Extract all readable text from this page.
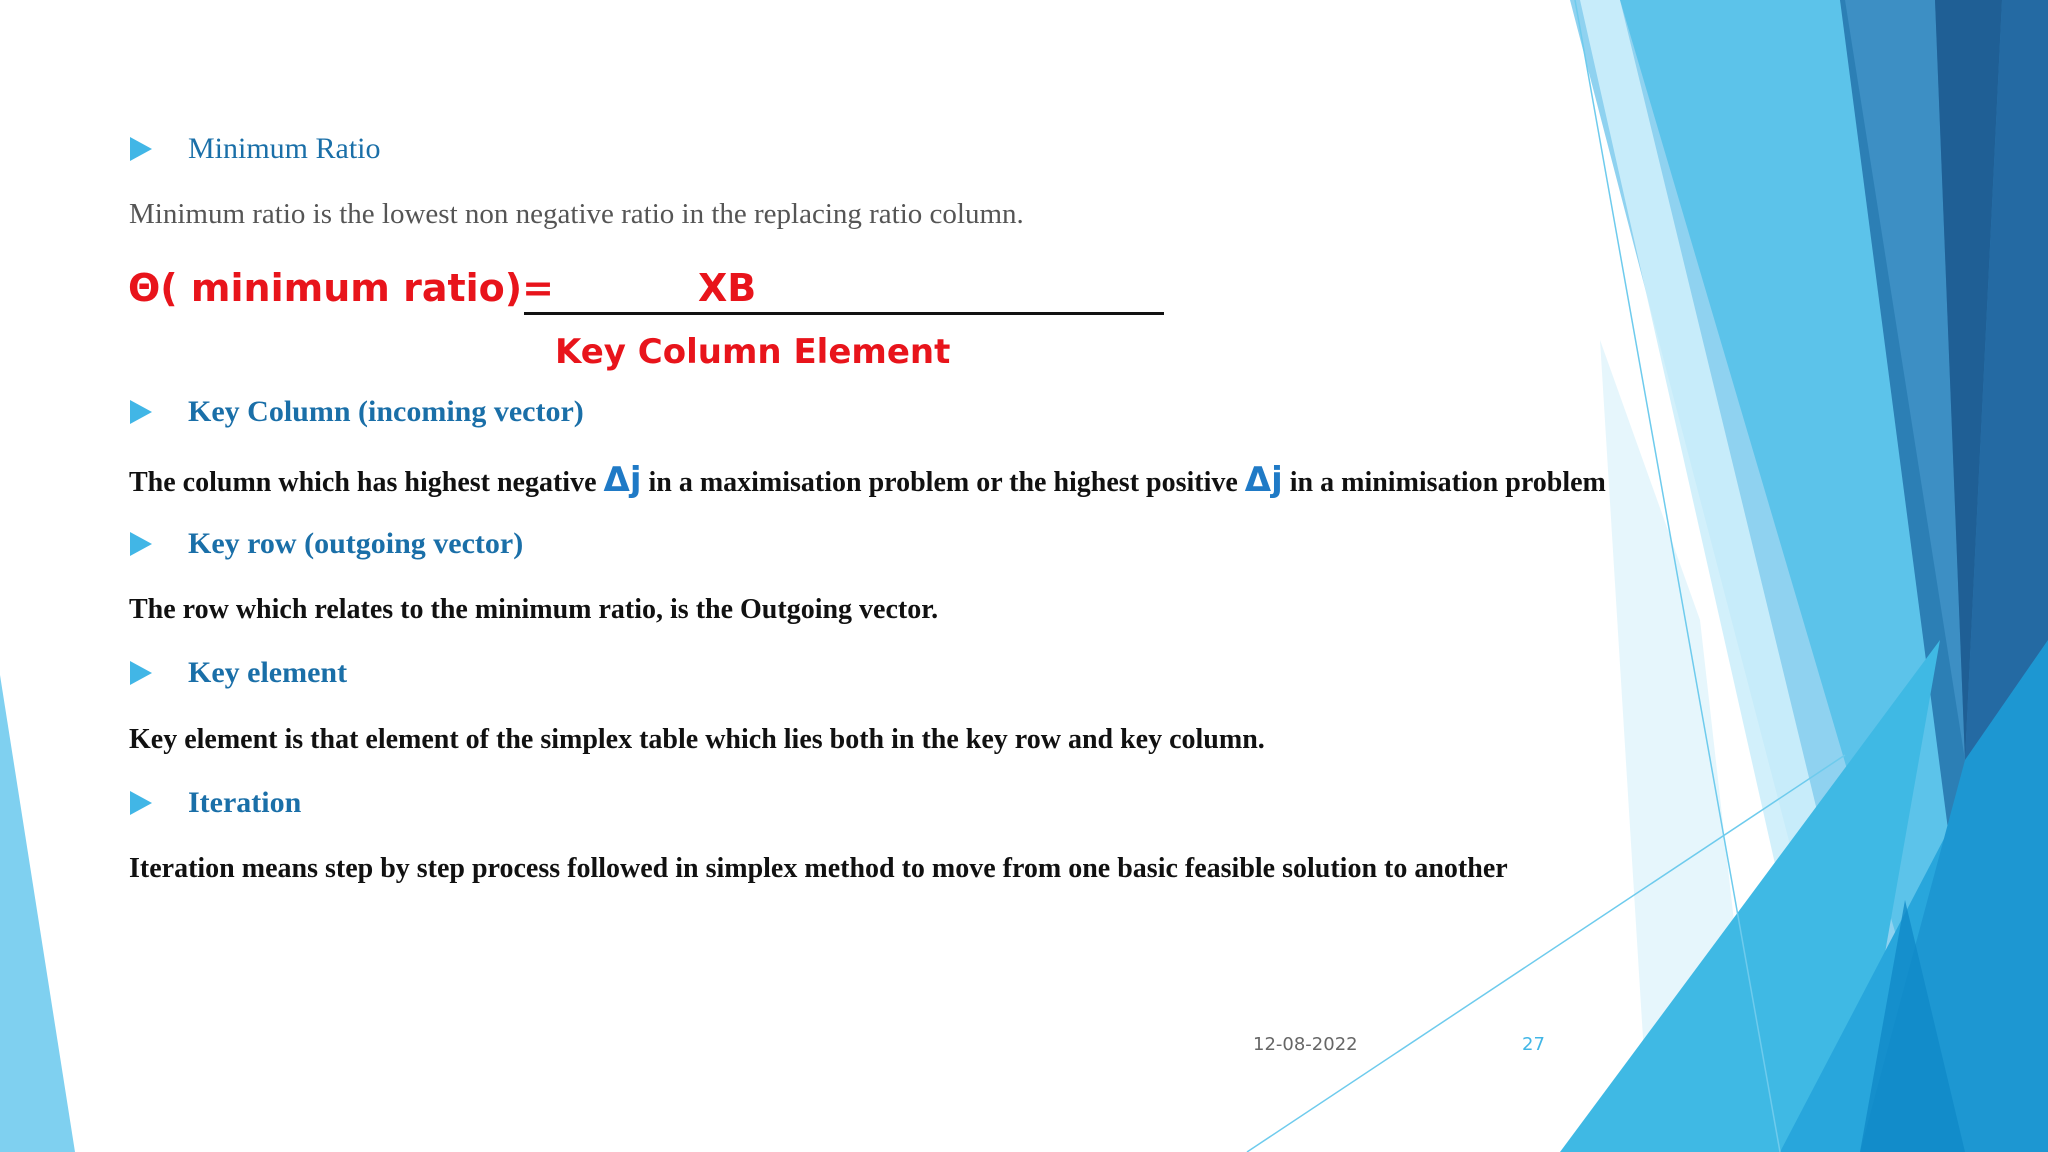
Minimum Ratio
Minimum ratio is the lowest non negative ratio in the replacing ratio column.
Θ( minimum ratio)=	XB
Key Column Element
Key Column (incoming vector)
The column which has highest negative Δj in a maximisation problem or the highest positive Δj in a minimisation problem
Key row (outgoing vector)
The row which relates to the minimum ratio, is the Outgoing vector.
Key element
Key element is that element of the simplex table which lies both in the key row and key column.
Iteration
Iteration means step by step process followed in simplex method to move from one basic feasible solution to another
12-08-2022	27
